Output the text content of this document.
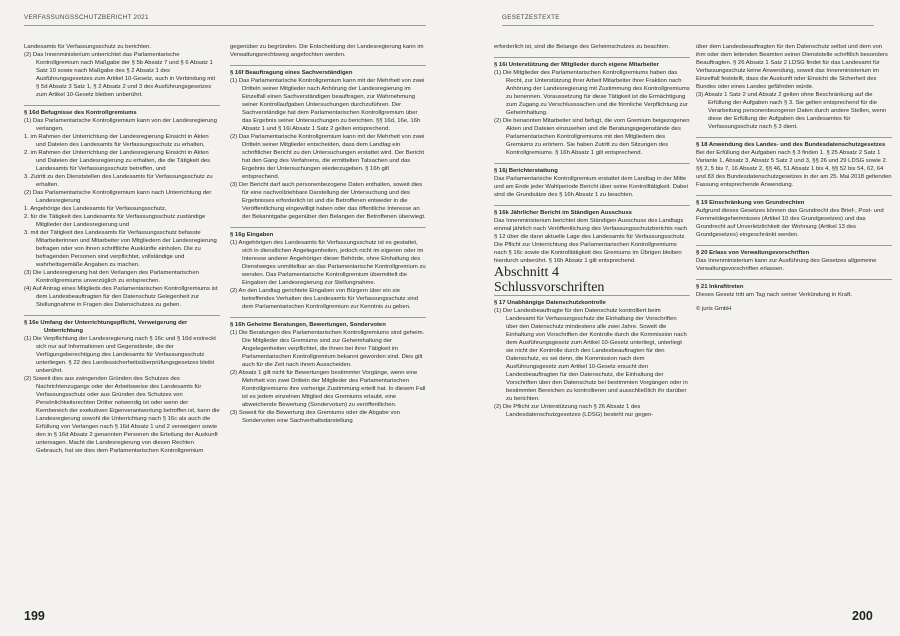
VERFASSUNGSSCHUTZBERICHT 2021

Landesamts für Verfassungsschutz zu berichten.

(2) Das Innenministerium unterrichtet das Parlamentarische Kontrollgremium nach Maßgabe der § 5b Absatz 7 und § 6 Absatz 1 Satz 10 sowie nach Maßgabe des § 2 Absatz 1 des Ausführungsgesetzes zum Artikel 10-Gesetz, auch in Verbindung mit § 5d Absatz 3 Satz 1, § 2 Absatz 2 und 3 des Ausführungsgesetzes zum Artikel 10-Gesetz bleiben unberührt.

§ 16d Befugnisse des Kontrollgremiums

(1) Das Parlamentarische Kontrollgremium kann von der Landesregierung verlangen,

1. im Rahmen der Unterrichtung der Landesregierung Einsicht in Akten und Dateien des Landesamts für Verfassungsschutz zu erhalten,

2. im Rahmen der Unterrichtung der Landesregierung Einsicht in Akten und Dateien der Landesregierung zu erhalten, die die Tätigkeit des Landesamts für Verfassungsschutz betreffen, und

3. Zutritt zu den Dienststellen des Landesamts für Verfassungsschutz zu erhalten.

(2) Das Parlamentarische Kontrollgremium kann nach Unterrichtung der Landesregierung

1. Angehörige des Landesamts für Verfassungsschutz,

2. für die Tätigkeit des Landesamts für Verfassungsschutz zuständige Mitglieder der Landesregierung und

3. mit der Tätigkeit des Landesamts für Verfassungsschutz befasste Mitarbeiterinnen und Mitarbeiter von Mitgliedern der Landesregierung befragen oder von ihnen schriftliche Auskünfte einholen. Die zu befragenden Personen sind verpflichtet, vollständige und wahrheitsgemäße Angaben zu machen.

(3) Die Landesregierung hat den Verlangen des Parlamentarischen Kontrollgremiums unverzüglich zu entsprechen.

(4) Auf Antrag eines Mitglieds des Parlamentarischen Kontrollgremiums ist dem Landesbeauftragten für den Datenschutz Gelegenheit zur Stellungnahme in Fragen des Datenschutzes zu geben.

§ 16e Umfang der Unterrichtungspflicht, Verweigerung der Unterrichtung

(1) Die Verpflichtung der Landesregierung nach § 16c und § 16d erstreckt sich nur auf Informationen und Gegenstände, die der Verfügungsberechtigung des Landesamts für Verfassungsschutz unterliegen. § 22 des Landessicherheitsüberprüfungsgesetzes bleibt unberührt.

(2) Soweit dies aus zwingenden Gründen des Schutzes des Nachrichtenzugangs oder der Arbeitsweise des Landesamts für Verfassungsschutz oder aus Gründen des Schutzes von Persönlichkeitsrechten Dritter notwendig ist oder wenn der Kernbereich der exekutiven Eigenverantwortung betroffen ist, kann die Landesregierung sowohl die Unterrichtung nach § 16c als auch die Erfüllung von Verlangen nach § 16d Absatz 1 und 2 verweigern sowie den in § 16d Absatz 2 genannten Personen die Erteilung der Auskunft untersagen. Macht die Landesregierung von diesen Rechten Gebrauch, hat sie dies dem Parlamentarischen Kontrollgremium

gegenüber zu begründen. Die Entscheidung der Landesregierung kann im Verwaltungsrechtsweg angefochten werden.

§ 16f Beauftragung eines Sachverständigen

(1) Das Parlamentarische Kontrollgremium kann mit der Mehrheit von zwei Dritteln seiner Mitglieder nach Anhörung der Landesregierung im Einzelfall einen Sachverständigen beauftragen, zur Wahrnehmung seiner Kontrollaufgaben Untersuchungen durchzuführen. Der Sachverständige hat dem Parlamentarischen Kontrollgremium über das Ergebnis seiner Untersuchungen zu berichten. §§ 16d, 16e, 16h Absatz 1 und § 16i Absatz 1 Satz 2 gelten entsprechend.

(2) Das Parlamentarische Kontrollgremium kann mit der Mehrheit von zwei Dritteln seiner Mitglieder entscheiden, dass dem Landtag ein schriftlicher Bericht zu den Untersuchungen erstattet wird. Der Bericht hat den Gang des Verfahrens, die ermittelten Tatsachen und das Ergebnis der Untersuchungen wiederzugeben. § 16h gilt entsprechend.

(3) Der Bericht darf auch personenbezogene Daten enthalten, soweit dies für eine nachvollziehbare Darstellung der Untersuchung und des Ergebnisses erforderlich ist und die Betroffenen entweder in die Veröffentlichung eingewilligt haben oder das öffentliche Interesse an der Bekanntgabe gegenüber den Belangen der Betroffenen überwiegt.

§ 16g Eingaben

(1) Angehörigen des Landesamts für Verfassungsschutz ist es gestattet, sich in dienstlichen Angelegenheiten, jedoch nicht im eigenen oder im Interesse anderer Angehöriger dieser Behörde, ohne Einhaltung des Dienstweges unmittelbar an das Parlamentarische Kontrollgremium zu wenden. Das Parlamentarische Kontrollgremium übermittelt die Eingaben der Landesregierung zur Stellungnahme.

(2) An den Landtag gerichtete Eingaben von Bürgern über ein sie betreffendes Verhalten des Landesamts für Verfassungsschutz sind dem Parlamentarischen Kontrollgremium zur Kenntnis zu geben.

§ 16h Geheime Beratungen, Bewertungen, Sondervoten

(1) Die Beratungen des Parlamentarischen Kontrollgremiums sind geheim. Die Mitglieder des Gremiums sind zur Geheimhaltung der Angelegenheiten verpflichtet, die ihnen bei ihrer Tätigkeit im Parlamentarischen Kontrollgremium bekannt geworden sind. Dies gilt auch für die Zeit nach ihrem Ausscheiden.

(2) Absatz 1 gilt nicht für Bewertungen bestimmter Vorgänge, wenn eine Mehrheit von zwei Dritteln der Mitglieder des Parlamentarischen Kontrollgremiums ihre vorherige Zustimmung erteilt hat. In diesem Fall ist es jedem einzelnen Mitglied des Gremiums erlaubt, eine abweichende Bewertung (Sondervotum) zu veröffentlichen.

(3) Soweit für die Bewertung des Gremiums oder die Abgabe von Sondervoten eine Sachverhaltsdarstellung

199
GESETZESTEXTE

erforderlich ist, sind die Belange des Geheimschutzes zu beachten.

§ 16i Unterstützung der Mitglieder durch eigene Mitarbeiter

(1) Die Mitglieder des Parlamentarischen Kontrollgremiums haben das Recht, zur Unterstützung ihrer Arbeit Mitarbeiter ihrer Fraktion nach Anhörung der Landesregierung mit Zustimmung des Kontrollgremiums zu benennen. Voraussetzung für diese Tätigkeit ist die Ermächtigung zum Zugang zu Verschlusssachen und die förmliche Verpflichtung zur Geheimhaltung.

(2) Die benannten Mitarbeiter sind befugt, die vom Gremium beigezogenen Akten und Dateien einzusehen und die Beratungsgegenstände des Parlamentarischen Kontrollgremiums mit den Mitgliedern des Gremiums zu erörtern. Sie haben Zutritt zu den Sitzungen des Kontrollgremiums. § 16h Absatz 1 gilt entsprechend.

§ 16j Berichterstattung

Das Parlamentarische Kontrollgremium erstattet dem Landtag in der Mitte und am Ende jeder Wahlperiode Bericht über seine Kontrolltätigkeit. Dabei sind die Grundsätze des § 16h Absatz 1 zu beachten.

§ 16k Jährlicher Bericht im Ständigen Ausschuss

Das Innenministerium berichtet dem Ständigen Ausschuss des Landtags einmal jährlich nach Veröffentlichung des Verfassungsschutzberichts nach § 12 über die dann aktuelle Lage des Landesamts für Verfassungsschutz. Die Pflicht zur Unterrichtung des Parlamentarischen Kontrollgremiums nach § 16c sowie die Kontrolltätigkeit des Gremiums im Übrigen bleiben hierdurch unberührt. § 16h Absatz 1 gilt entsprechend.

Abschnitt 4

Schlussvorschriften

§ 17 Unabhängige Datenschutzkontrolle

(1) Der Landesbeauftragte für den Datenschutz kontrolliert beim Landesamt für Verfassungsschutz die Einhaltung der Vorschriften über den Datenschutz mindestens alle zwei Jahre. Soweit die Einhaltung von Vorschriften der Kontrolle durch die Kommission nach dem Ausführungsgesetz zum Artikel 10-Gesetz unterliegt, unterliegt sie nicht der Kontrolle durch den Landesbeauftragten für den Datenschutz, es sei denn, die Kommission nach dem Ausführungsgesetz zum Artikel 10-Gesetz ersucht den Landesbeauftragten für den Datenschutz, die Einhaltung der Vorschriften über den Datenschutz bei bestimmten Vorgängen oder in bestimmten Bereichen zu kontrollieren und ausschließlich ihr darüber zu berichten.

(2) Die Pflicht zur Unterstützung nach § 26 Absatz 1 des Landesdatenschutzgesetzes (LDSG) besteht nur gegen-

über dem Landesbeauftragten für den Datenschutz selbst und dem von ihm oder dem leitenden Beamten seiner Dienststelle schriftlich besonders Beauftragten. § 26 Absatz 1 Satz 2 LDSG findet für das Landesamt für Verfassungsschutz keine Anwendung, soweit das Innenministerium im Einzelfall feststellt, dass die Auskunft oder Einsicht die Sicherheit des Bundes oder eines Landes gefährden würde.

(3) Absatz 1 Satz 2 und Absatz 2 gelten ohne Beschränkung auf die Erfüllung der Aufgaben nach § 3. Sie gelten entsprechend für die Verarbeitung personenbezogener Daten durch andere Stellen, wenn diese der Erfüllung der Aufgaben des Landesamtes für Verfassungsschutz nach § 3 dient.

§ 18 Anwendung des Landes- und des Bundesdatenschutzgesetzes

Bei der Erfüllung der Aufgaben nach § 3 finden 1. § 25 Absatz 2 Satz 1 Variante 1, Absatz 3, Absatz 5 Satz 2 und 3, §§ 26 und 29 LDSG sowie 2. §§ 2, 5 bis 7, 16 Absatz 2, §§ 46, 51 Absatz 1 bis 4, §§ 52 bis 54, 62, 64 und 83 des Bundesdatenschutzgesetzes in der am 25. Mai 2018 geltenden Fassung entsprechende Anwendung.

§ 19 Einschränkung von Grundrechten

Aufgrund dieses Gesetzes können das Grundrecht des Brief-, Post- und Fernmeldegeheimnisses (Artikel 10 des Grundgesetzes) und das Grundrecht auf Unverletzlichkeit der Wohnung (Artikel 13 des Grundgesetzes) eingeschränkt werden.

§ 20 Erlass von Verwaltungsvorschriften

Das Innenministerium kann zur Ausführung des Gesetzes allgemeine Verwaltungsvorschriften erlassen.

§ 21 Inkrafttreten

Dieses Gesetz tritt am Tag nach seiner Verkündung in Kraft.

© juris GmbH

200
